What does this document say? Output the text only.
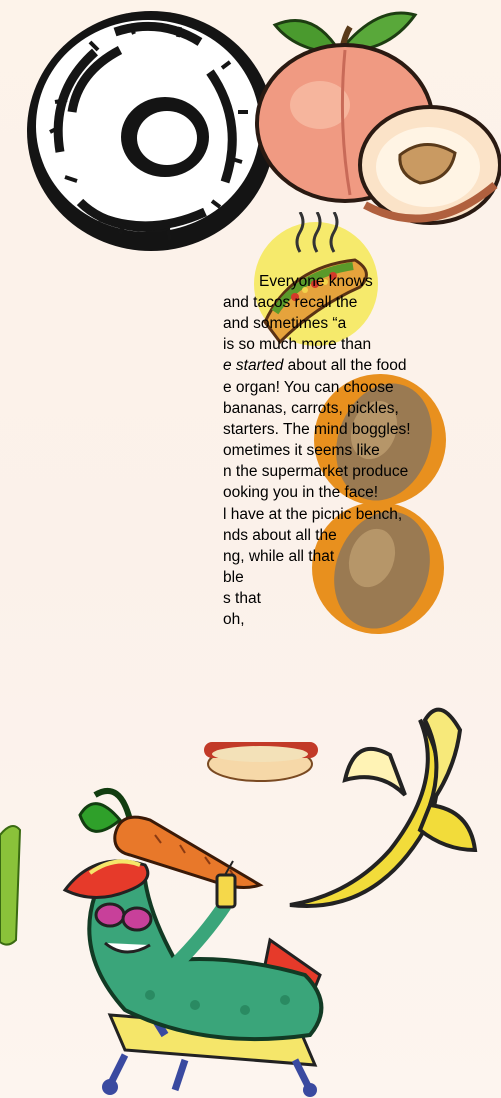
Everyone knows
and tacos recall the
and sometimes “a
is so much more than
e started about all the food
e organ! You can choose
bananas, carrots, pickles,
starters. The mind boggles!
ometimes it seems like
n the supermarket produce
ooking you in the face!
l have at the picnic bench,
nds about all the
ng, while all that
ble
s that
oh,
